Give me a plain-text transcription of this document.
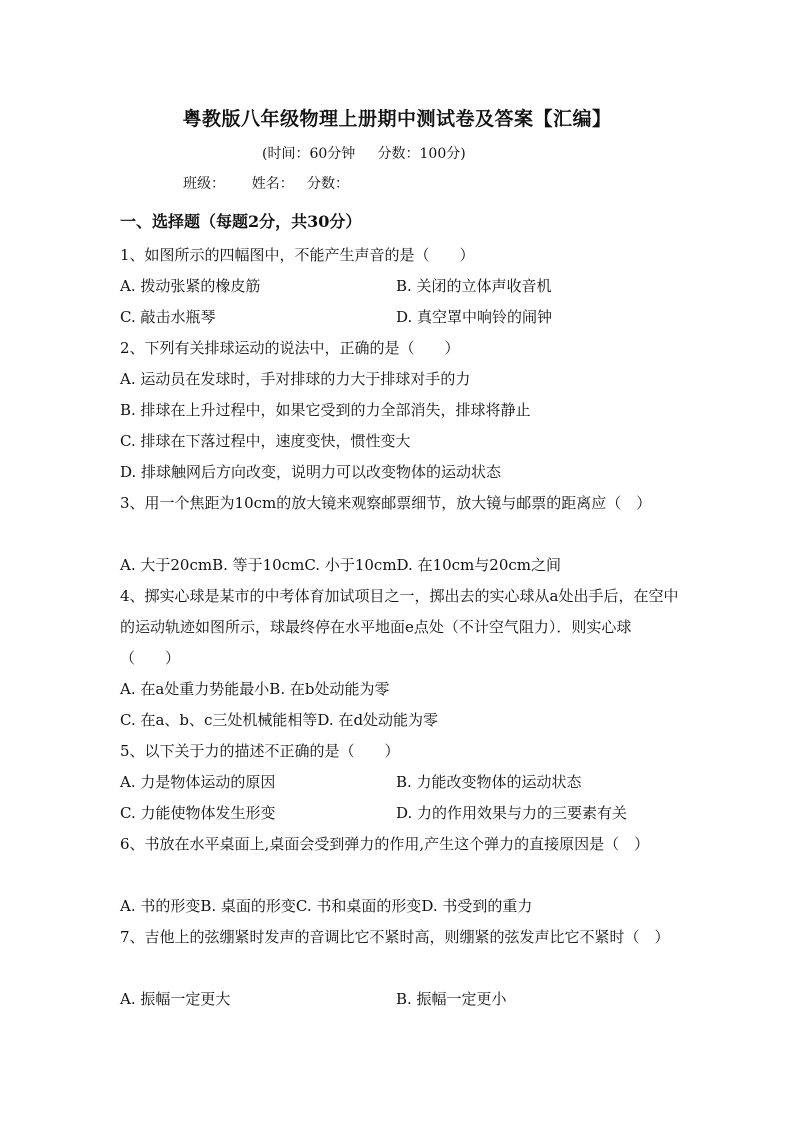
粤教版八年级物理上册期中测试卷及答案【汇编】
(时间：60分钟     分数：100分)
班级：      姓名：   分数：
一、选择题（每题2分，共30分）
1、如图所示的四幅图中，不能产生声音的是（　　）
A. 拨动张紧的橡皮筋	B. 关闭的立体声收音机
C. 敲击水瓶琴	D. 真空罩中响铃的闹钟
2、下列有关排球运动的说法中，正确的是（　　）
A. 运动员在发球时，手对排球的力大于排球对手的力
B. 排球在上升过程中，如果它受到的力全部消失，排球将静止
C. 排球在下落过程中，速度变快，惯性变大
D. 排球触网后方向改变，说明力可以改变物体的运动状态
3、用一个焦距为10cm的放大镜来观察邮票细节，放大镜与邮票的距离应（　）
A. 大于20cmB. 等于10cmC. 小于10cmD. 在10cm与20cm之间
4、掷实心球是某市的中考体育加试项目之一，掷出去的实心球从a处出手后，在空中的运动轨迹如图所示，球最终停在水平地面e点处（不计空气阻力）．则实心球（　　）
A. 在a处重力势能最小B. 在b处动能为零
C. 在a、b、c三处机械能相等D. 在d处动能为零
5、以下关于力的描述不正确的是（　　）
A. 力是物体运动的原因	B. 力能改变物体的运动状态
C. 力能使物体发生形变	D. 力的作用效果与力的三要素有关
6、书放在水平桌面上,桌面会受到弹力的作用,产生这个弹力的直接原因是（　）
A. 书的形变B. 桌面的形变C. 书和桌面的形变D. 书受到的重力
7、吉他上的弦绷紧时发声的音调比它不紧时高，则绷紧的弦发声比它不紧时（　）
A. 振幅一定更大	B. 振幅一定更小
